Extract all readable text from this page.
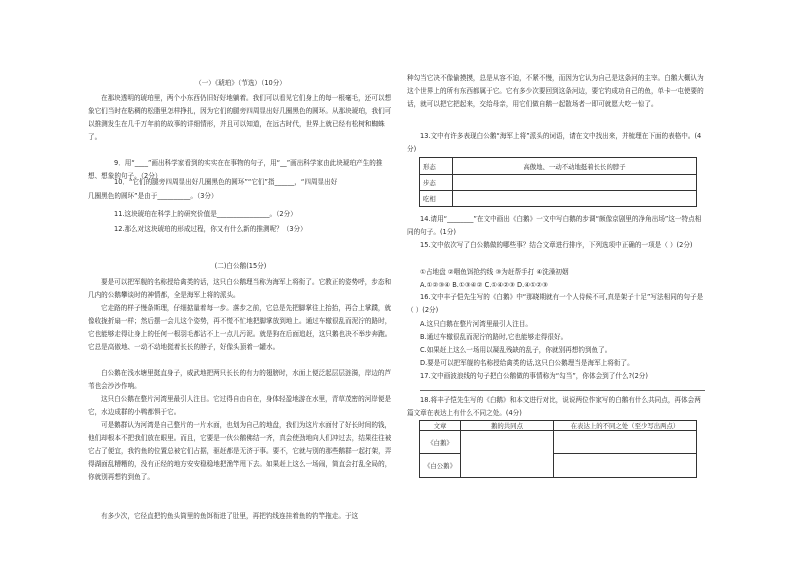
（一）《琥珀》（节选）（10分）
在那块透明的琥珀里，两个小东西仍旧好好地躺着。我们可以看见它们身上的每一根毫毛，还可以想象它们当时在粘稠的松脂里怎样挣扎，因为它们的腿旁四周显出好几圈黑色的圆环。从那块琥珀，我们可以推测发生在几千万年前的故事的详细情形，并且可以知道，在远古时代，世界上就已经有松树和蜘蛛了。
9．用“____”画出科学家看到的实实在在事物的句子，用“__”画出科学家由此块琥珀产生的推想、想象的句子。（2分）
10．“它们的腿旁四周显出好几圈黑色的圆环”“它们”指______，“四周显出好
几圈黑色的圆环”是由于__________。（3分）
11.这块琥珀在科学上的研究价值是________________。（2分）
12.那么对这块琥珀的形成过程，你又有什么新的推测呢？（3分）
(二)白公鹅(15分)
要是可以把军舰的名称授给禽类的话，这只白公鹅理当称为海军上将衔了。它教正的姿势呼，步态和几内的公鹅攀谈时的神情都，全是海军上将的派头。
它走路的样子慢条斯理，仔细掂量着每一步。落步之前，它总是先把脚掌往上抬抬，再合上掌蹼，就像收拢折扇一样；然后摆一会儿这个姿势，再不慌不忙地把脚掌放到地上。通过车辙很乱而泥泞的路时，它也能够走得让身上的任何一根羽毛都沾不上一点儿污泥。就是狗在后面追赶，这只鹅也决不举步奔跑。它总是高傲地、一动不动地挺着长长的脖子，好像头顶着一罐水。
白公鹅在浅水塘里挺直身子，威武地把两只长长的有力的翅膀时，水面上便泛起层层涟漪，岸边的芦苇也会沙沙作响。
这只白公鹅在整片河湾里最引人注目。它过得自由自在，身体轻盈地游在水里，青草茂密的河岸便是它，水边成群的小鸭都惧于它。
可是鹅群认为河湾是自己整片的一片水面，也划为自己的地盘，我们为这片水面付了好长时间的钱，他们却根本不把我们放在眼里。而且，它要是一伙公鹅佛结一齐，真会使劲地向人们冲过去，结果往往被它占了便宜，我钓鱼的位置总被它们占据，驱赶都是无济于事。要不，它就与别的那些鹅群一起打架，弄得湖面乱糟糟的，没有正经的地方安安稳稳地把渔竿甩下去。如果赶上这么一场闹，简直会打乱全局的，你就别再想钓到鱼了。
有多少次，它径直把钓鱼头筒里的鱼饵衔进了肚里，再把钓线连挂着鱼的钓竿拖走。于这
种勾当它决不像偷摸摸，总是从容不迫，不紧不慢，而因为它认为自己是这条河的主宰。白鹅大概认为这个世界上的所有东西都属于它。它有多少次要回到这条河边，要它钓成功自己的鱼，单卡一屯使要的话，就可以把它把起来，交给母亲，用它们做自鹅一起散场者一即可就愿大吃一惊了。
13.文中有许多表现白公鹅“海军上将”派头的词语，请在文中找出来，并梳理在下面的表格中。(4分)
形态	高傲地、一动不动地挺着长长的脖子
步态	
吃相	
14.请用“________”在文中画出《白鹅》一文中写白鹅的步调“颇像京剧里的净角出场”这一特点相同的句子。(1分)
15.文中依次写了白公鹅做的哪些事？结合文章进行排序，下列选项中正确的一项是（ ）(2分)
①占地盘 ②咽鱼饵抢约线 ③为赶帮手打 ④洗澡初姻
A.①②③④ B.①③④② C.①④②③ D.④①②③
16.文中丰子恺先生写的《白鹅》中“那晓期就有一个人侍候不可,真是架子十足”写法相同的句子是（ ）(2分)
A.这只白鹅在整片河湾里最引人注目。
B.通过车辙很乱而泥泞的路时,它也能够走得很好。
C.如果赶上这么一场用以凝乱残缺的乱子，你就别再想钓到鱼了。
D.要是可以把军舰的名称授给禽类的话,这只白公鹅理当是海军上将衔了。
17.文中画波浪线的句子把白公鹅做的事情称为“勾当”，你体会到了什么?(2分)
18.将丰子恺先生写的《白鹅》和本文进行对比，说说两位作家写的白鹅有什么共同点，再体会两篇文章在表达上有什么不同之处。(4分)
文章	鹅的共同点	在表达上的不同之处（至少写出两点）
《白鹅》		
《白公鹅》		
